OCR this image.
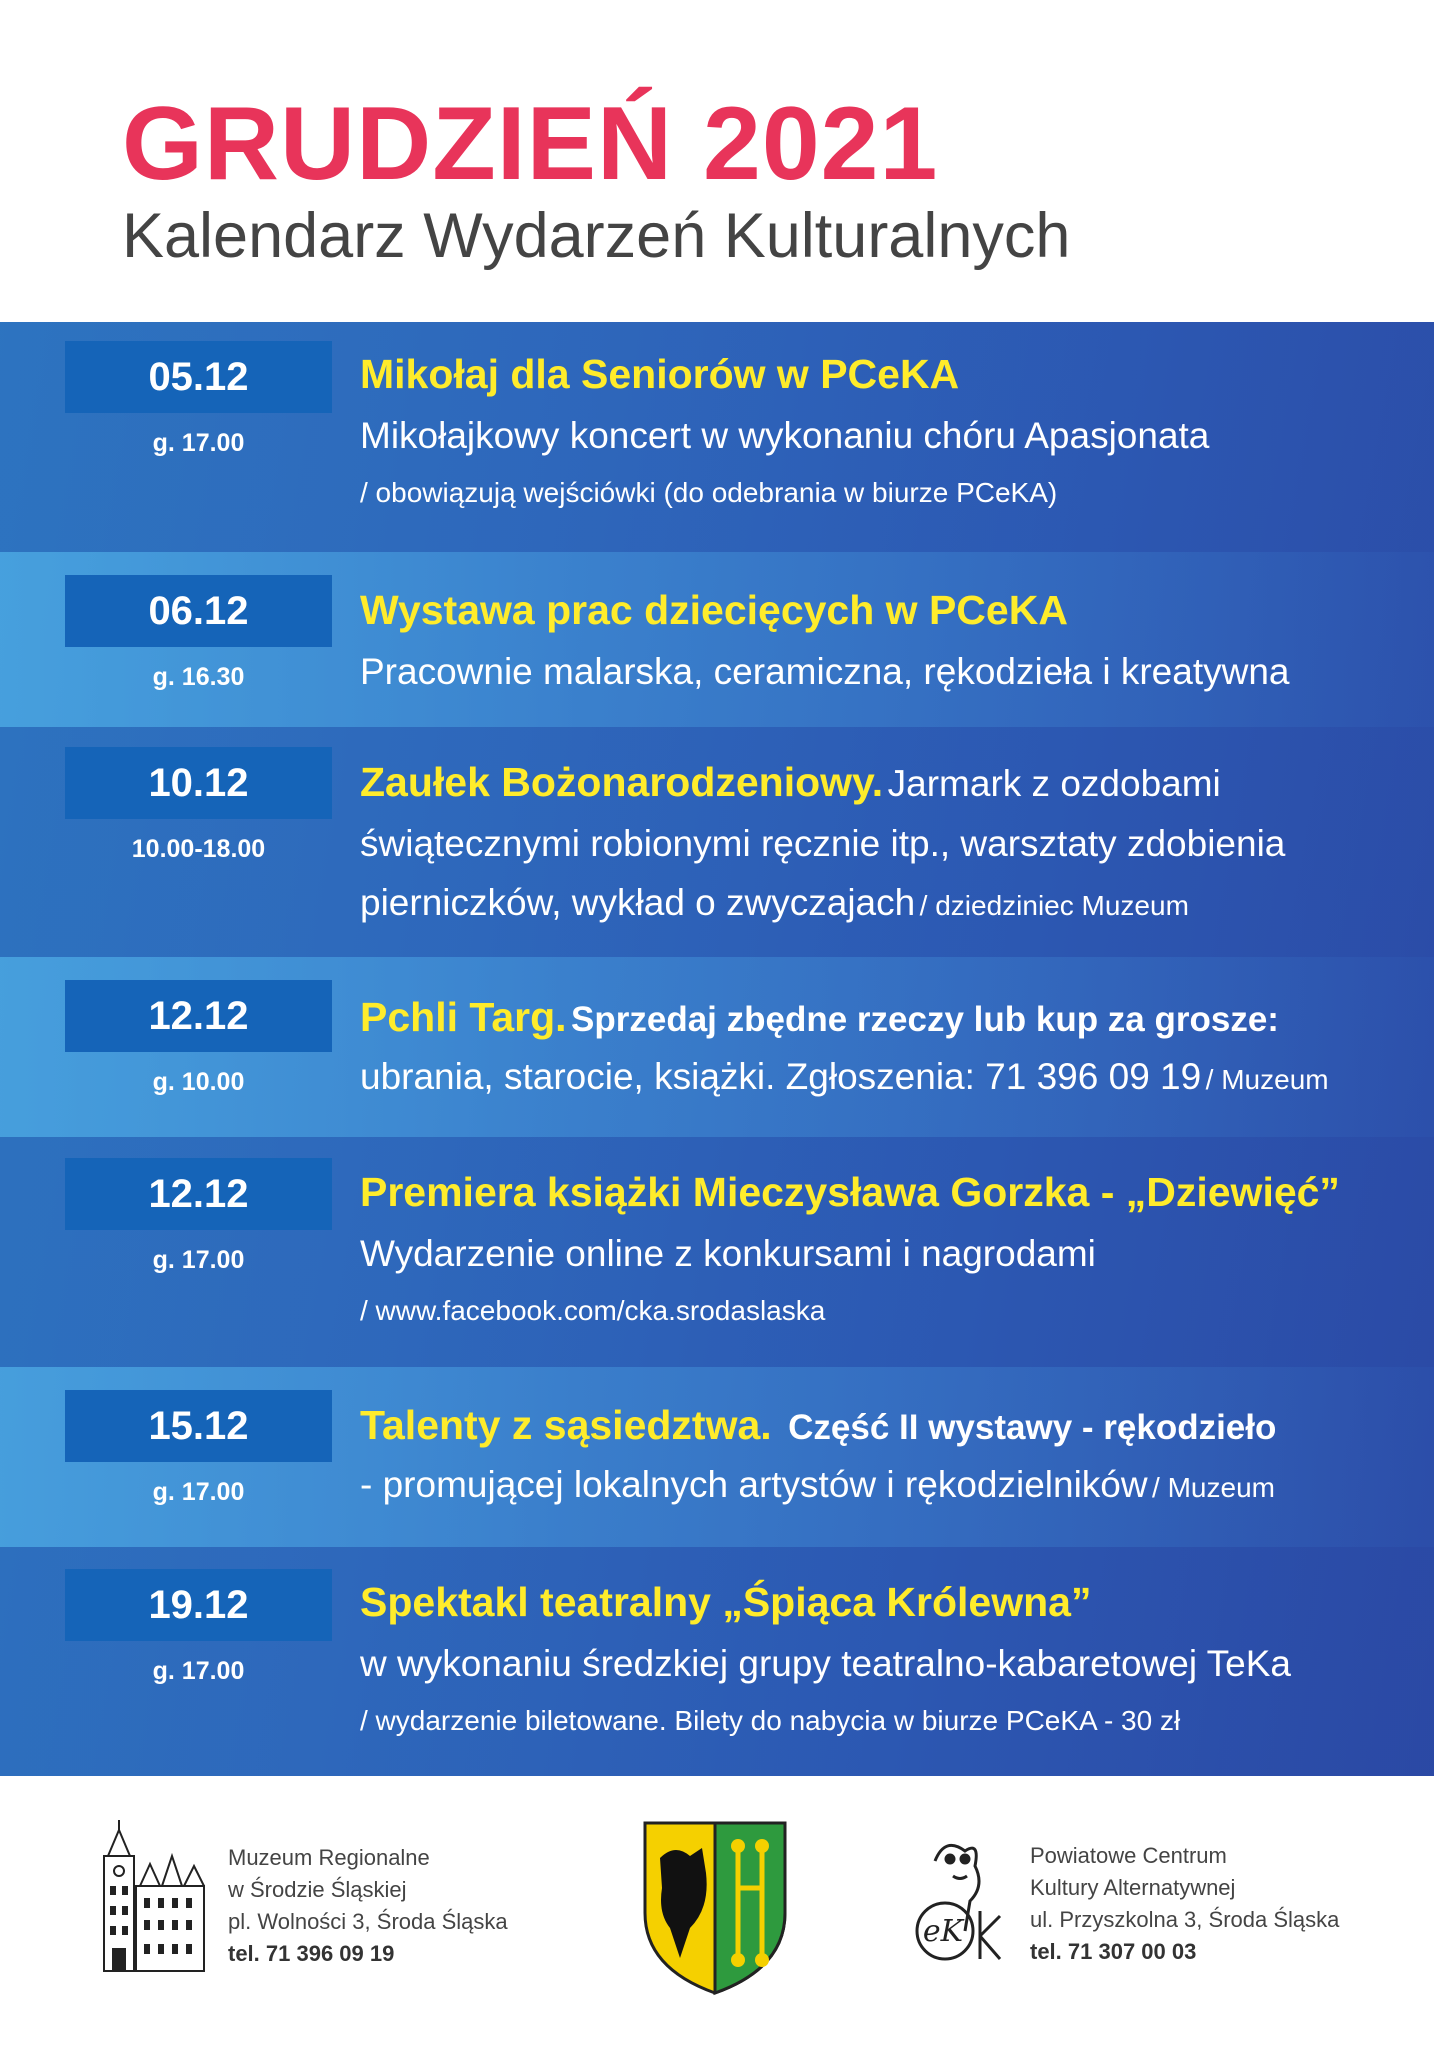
GRUDZIEŃ 2021
Kalendarz Wydarzeń Kulturalnych
05.12
g. 17.00
Mikołaj dla Seniorów w PCeKA
Mikołajkowy koncert w wykonaniu chóru Apasjonata
/ obowiązują wejściówki (do odebrania w biurze PCeKA)
06.12
g. 16.30
Wystawa prac dziecięcych w PCeKA
Pracownie malarska, ceramiczna, rękodzieła i kreatywna
10.12
10.00-18.00
Zaułek Bożonarodzeniowy. Jarmark z ozdobami
świątecznymi robionymi ręcznie itp., warsztaty zdobienia
pierniczków, wykład o zwyczajach / dziedziniec Muzeum
12.12
g. 10.00
Pchli Targ. Sprzedaj zbędne rzeczy lub kup za grosze:
ubrania, starocie, książki. Zgłoszenia: 71 396 09 19 / Muzeum
12.12
g. 17.00
Premiera książki Mieczysława Gorzka - „Dziewięć”
Wydarzenie online z konkursami i nagrodami
/ www.facebook.com/cka.srodaslaska
15.12
g. 17.00
Talenty z sąsiedztwa. Część II wystawy - rękodzieło
- promującej lokalnych artystów i rękodzielników / Muzeum
19.12
g. 17.00
Spektakl teatralny „Śpiąca Królewna”
w wykonaniu średzkiej grupy teatralno-kabaretowej TeKa
/ wydarzenie biletowane. Bilety do nabycia w biurze PCeKA - 30 zł
Muzeum Regionalne
w Środzie Śląskiej
pl. Wolności 3, Środa Śląska
tel. 71 396 09 19
eK
Powiatowe Centrum
Kultury Alternatywnej
ul. Przyszkolna 3, Środa Śląska
tel. 71 307 00 03
